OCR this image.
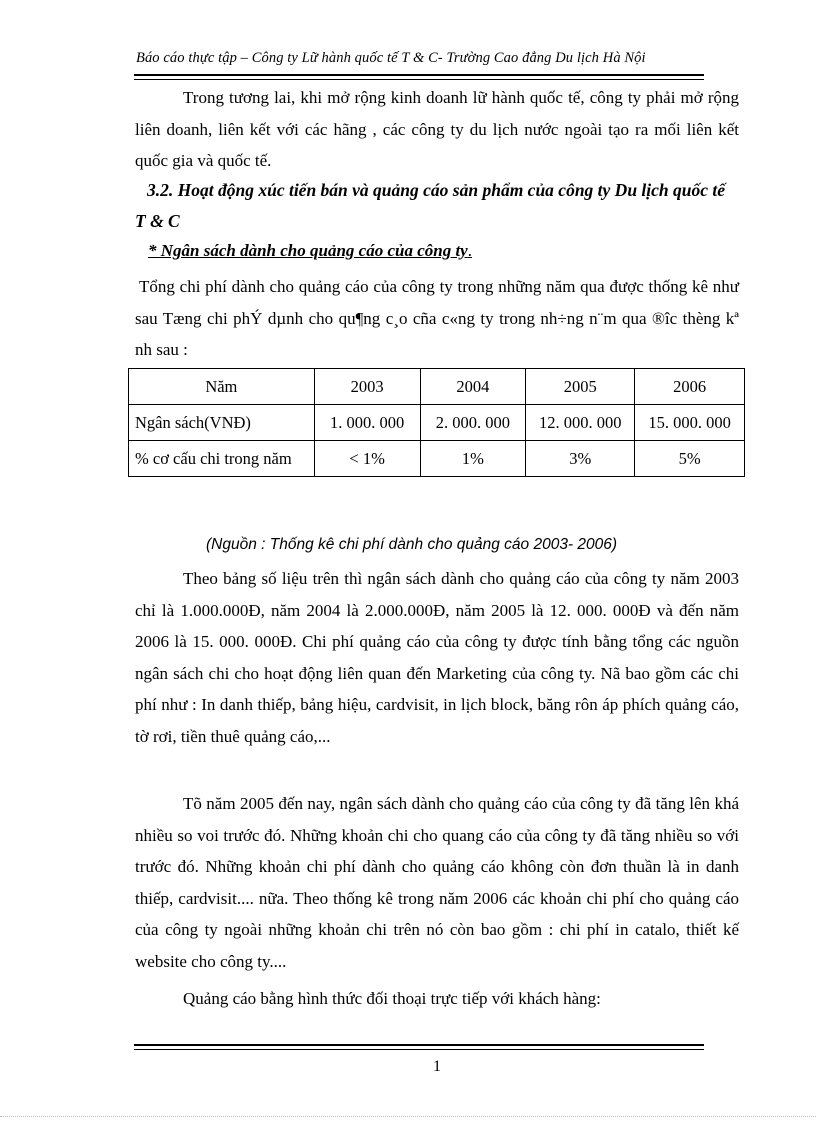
Báo cáo thực tập – Công ty Lữ hành quốc tế T & C- Trường Cao đẳng Du lịch Hà Nội

Trong tương lai, khi mở rộng kinh doanh lữ hành quốc tế, công ty phải mở rộng liên doanh, liên kết với các hãng , các công ty du lịch nước ngoài tạo ra mối liên kết quốc gia và quốc tế.

3.2. Hoạt động xúc tiến bán và quảng cáo sản phẩm của công ty Du lịch quốc tế T & C

* Ngân sách dành cho quảng cáo của công ty.

Tổng chi phí dành cho quảng cáo của công ty trong những năm qua được thống kê như sau Tæng chi phÝ dµnh cho qu¶ng c¸o cña c«ng ty trong nh÷ng n¨m qua ®îc thèng kª nh sau :

Năm	2003	2004	2005	2006
Ngân sách(VNĐ)	1. 000. 000	2. 000. 000	12. 000. 000	15. 000. 000
% cơ cấu chi trong năm	< 1%	1%	3%	5%
(Nguồn : Thống kê chi phí dành cho quảng cáo 2003- 2006)

Theo bảng số liệu trên thì ngân sách dành cho quảng cáo của công ty năm 2003 chỉ là 1.000.000Đ, năm 2004 là 2.000.000Đ, năm 2005 là 12. 000. 000Đ và đến năm 2006 là 15. 000. 000Đ. Chi phí quảng cáo của công ty được tính bằng tổng các nguồn ngân sách chi cho hoạt động liên quan đến Marketing của công ty. Nã bao gồm các chi phí như : In danh thiếp, bảng hiệu, cardvisit, in lịch block, băng rôn áp phích quảng cáo, tờ rơi, tiền thuê quảng cáo,...

Tõ năm 2005 đến nay, ngân sách dành cho quảng cáo của công ty đã tăng lên khá nhiều so voi trước đó. Những khoản chi cho quang cáo của công ty đã tăng nhiều so với trước đó. Những khoản chi phí dành cho quảng cáo không còn đơn thuần là in danh thiếp, cardvisit.... nữa. Theo thống kê trong năm 2006 các khoản chi phí cho quảng cáo của công ty ngoài những khoản chi trên nó còn bao gồm : chi phí in catalo, thiết kế website cho công ty....

Quảng cáo bằng hình thức đối thoại trực tiếp với khách hàng:

1
